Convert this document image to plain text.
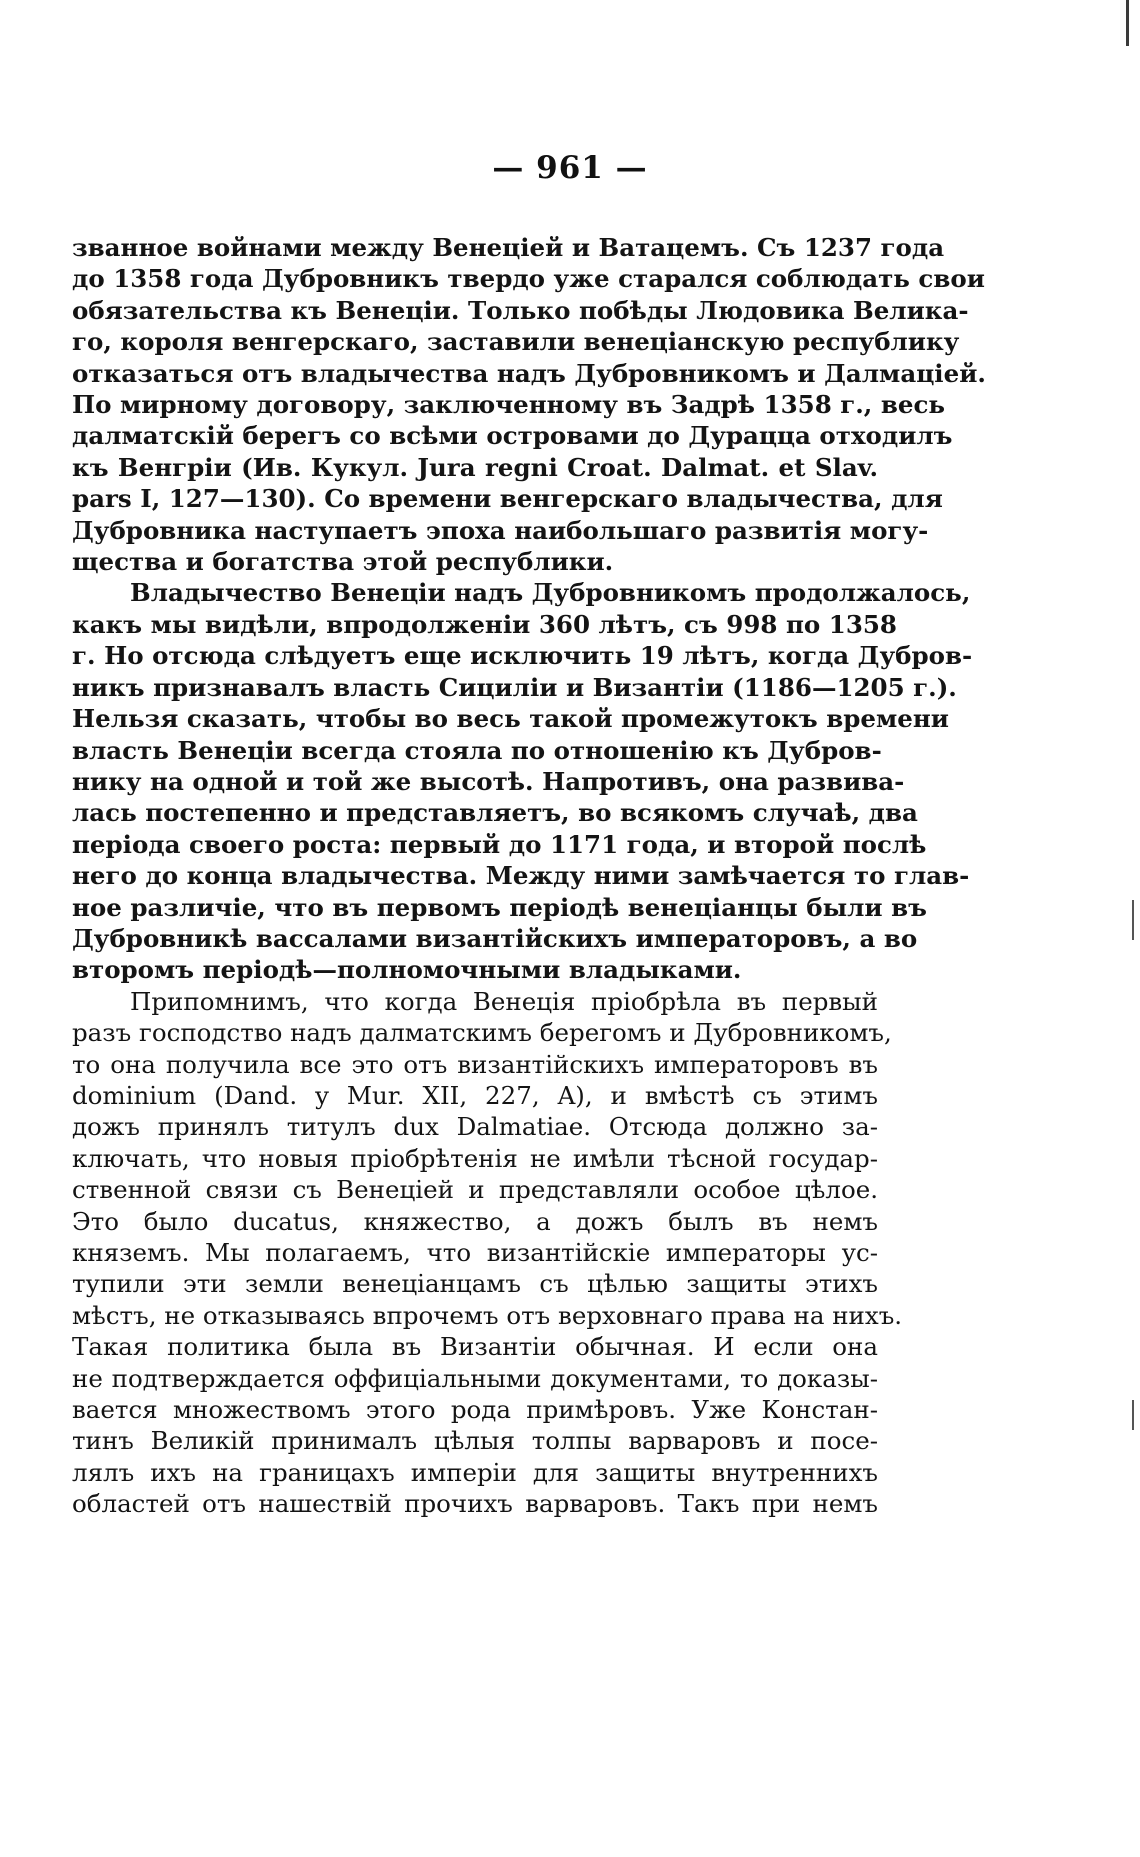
— 961 —
званное войнами между Венеціей и Ватацемъ. Съ 1237 года
до 1358 года Дубровникъ твердо уже старался соблюдать свои
обязательства къ Венеціи. Только побѣды Людовика Велика-
го, короля венгерскаго, заставили венеціанскую республику
отказаться отъ владычества надъ Дубровникомъ и Далмаціей.
По мирному договору, заключенному въ Задрѣ 1358 г., весь
далматскій берегъ со всѣми островами до Дурацца отходилъ
къ Венгріи (Ив. Кукул. Jura regni Croat. Dalmat. et Slav.
pars I, 127—130). Со времени венгерскаго владычества, для
Дубровника наступаетъ эпоха наибольшаго развитія могу-
щества и богатства этой республики.
Владычество Венеціи надъ Дубровникомъ продолжалось,
какъ мы видѣли, впродолженіи 360 лѣтъ, съ 998 по 1358
г. Но отсюда слѣдуетъ еще исключить 19 лѣтъ, когда Дубров-
никъ признавалъ власть Сициліи и Византіи (1186—1205 г.).
Нельзя сказать, чтобы во весь такой промежутокъ времени
власть Венеціи всегда стояла по отношенію къ Дубров-
нику на одной и той же высотѣ. Напротивъ, она развива-
лась постепенно и представляетъ, во всякомъ случаѣ, два
періода своего роста: первый до 1171 года, и второй послѣ
него до конца владычества. Между ними замѣчается то глав-
ное различіе, что въ первомъ періодѣ венеціанцы были въ
Дубровникѣ вассалами византійскихъ императоровъ, а во
второмъ періодѣ—полномочными владыками.
Припомнимъ, что когда Венеція пріобрѣла въ первый
разъ господство надъ далматскимъ берегомъ и Дубровникомъ,
то она получила все это отъ византійскихъ императоровъ въ
dominium (Dand. y Mur. XII, 227, A), и вмѣстѣ съ этимъ
дожъ принялъ титулъ dux Dalmatiae. Отсюда должно за-
ключать, что новыя пріобрѣтенія не имѣли тѣсной государ-
ственной связи съ Венеціей и представляли особое цѣлое.
Это было ducatus, княжество, а дожъ былъ въ немъ
княземъ. Мы полагаемъ, что византійскіе императоры ус-
тупили эти земли венеціанцамъ съ цѣлью защиты этихъ
мѣстъ, не отказываясь впрочемъ отъ верховнаго права на нихъ.
Такая политика была въ Византіи обычная. И если она
не подтверждается оффиціальными документами, то доказы-
вается множествомъ этого рода примѣровъ. Уже Констан-
тинъ Великій принималъ цѣлыя толпы варваровъ и посе-
лялъ ихъ на границахъ имперіи для защиты внутреннихъ
областей отъ нашествій прочихъ варваровъ. Такъ при немъ
